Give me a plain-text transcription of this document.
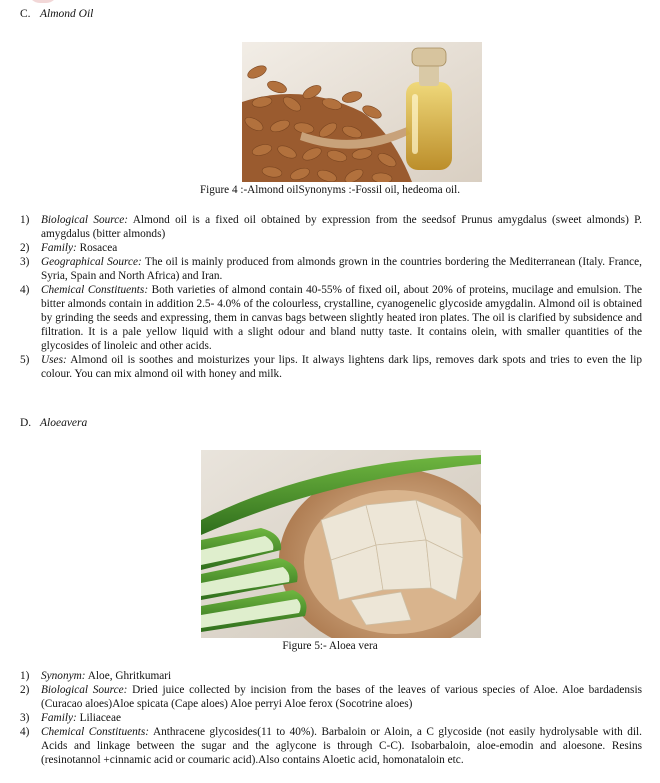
C. Almond Oil
Figure 4 :-Almond oilSynonyms :-Fossil oil, hedeoma oil.
1) Biological Source: Almond oil is a fixed oil obtained by expression from the seedsof Prunus amygdalus (sweet almonds) P. amygdalus (bitter almonds)
2) Family: Rosacea
3) Geographical Source: The oil is mainly produced from almonds grown in the countries bordering the Mediterranean (Italy. France, Syria, Spain and North Africa) and Iran.
4) Chemical Constituents: Both varieties of almond contain 40-55% of fixed oil, about 20% of proteins, mucilage and emulsion. The bitter almonds contain in addition 2.5- 4.0% of the colourless, crystalline, cyanogenelic glycoside amygdalin. Almond oil is obtained by grinding the seeds and expressing, them in canvas bags between slightly heated iron plates. The oil is clarified by subsidence and filtration. It is a pale yellow liquid with a slight odour and bland nutty taste. It contains olein, with smaller quantities of the glycosides of linoleic and other acids.
5) Uses: Almond oil is soothes and moisturizes your lips. It always lightens dark lips, removes dark spots and tries to even the lip colour. You can mix almond oil with honey and milk.
D. Aloeavera
Figure 5:- Aloea vera
1) Synonym: Aloe, Ghritkumari
2) Biological Source: Dried juice collected by incision from the bases of the leaves of various species of Aloe. Aloe bardadensis (Curacao aloes)Aloe spicata (Cape aloes) Aloe perryi Aloe ferox (Socotrine aloes)
3) Family: Liliaceae
4) Chemical Constituents: Anthracene glycosides(11 to 40%). Barbaloin or Aloin, a C glycoside (not easily hydrolysable with dil. Acids and linkage between the sugar and the aglycone is through C-C). Isobarbaloin, aloe-emodin and aloesone. Resins (resinotannol +cinnamic acid or coumaric acid).Also contains Aloetic acid, homonataloin etc.
